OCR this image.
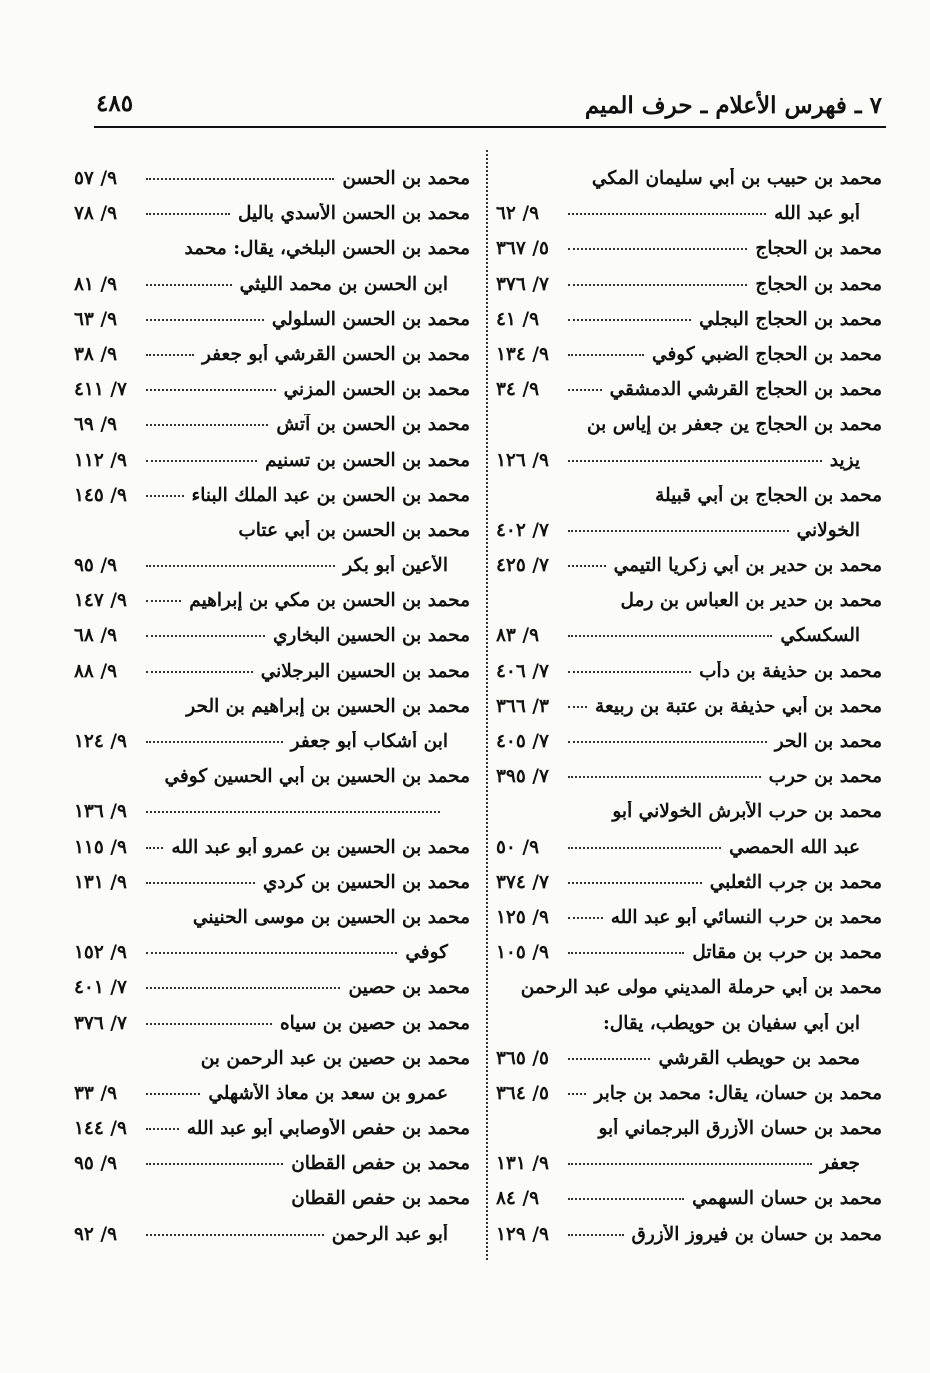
٧ ـ فهرس الأعلام ـ حرف الميم
٤٨٥
محمد بن حبيب بن أبي سليمان المكي
أبو عبد الله
٩/ ٦٢
محمد بن الحجاج
٥/ ٣٦٧
محمد بن الحجاج
٧/ ٣٧٦
محمد بن الحجاج البجلي
٩/ ٤١
محمد بن الحجاج الضبي كوفي
٩/ ١٣٤
محمد بن الحجاج القرشي الدمشقي
٩/ ٣٤
محمد بن الحجاج ين جعفر بن إياس بن
يزيد
٩/ ١٢٦
محمد بن الحجاج بن أبي قبيلة
الخولاني
٧/ ٤٠٢
محمد بن حدير بن أبي زكريا التيمي
٧/ ٤٢٥
محمد بن حدير بن العباس بن رمل
السكسكي
٩/ ٨٣
محمد بن حذيفة بن دأب
٧/ ٤٠٦
محمد بن أبي حذيفة بن عتبة بن ربيعة
٣/ ٣٦٦
محمد بن الحر
٧/ ٤٠٥
محمد بن حرب
٧/ ٣٩٥
محمد بن حرب الأبرش الخولاني أبو
عبد الله الحمصي
٩/ ٥٠
محمد بن جرب الثعلبي
٧/ ٣٧٤
محمد بن حرب النسائي أبو عبد الله
٩/ ١٢٥
محمد بن حرب بن مقاتل
٩/ ١٠٥
محمد بن أبي حرملة المديني مولى عبد الرحمن
ابن أبي سفيان بن حويطب، يقال:
محمد بن حويطب القرشي
٥/ ٣٦٥
محمد بن حسان، يقال: محمد بن جابر
٥/ ٣٦٤
محمد بن حسان الأزرق البرجماني أبو
جعفر
٩/ ١٣١
محمد بن حسان السهمي
٩/ ٨٤
محمد بن حسان بن فيروز الأزرق
٩/ ١٢٩
محمد بن الحسن
٩/ ٥٧
محمد بن الحسن الأسدي باليل
٩/ ٧٨
محمد بن الحسن البلخي، يقال: محمد
ابن الحسن بن محمد الليثي
٩/ ٨١
محمد بن الحسن السلولي
٩/ ٦٣
محمد بن الحسن القرشي أبو جعفر
٩/ ٣٨
محمد بن الحسن المزني
٧/ ٤١١
محمد بن الحسن بن آتش
٩/ ٦٩
محمد بن الحسن بن تسنيم
٩/ ١١٢
محمد بن الحسن بن عبد الملك البناء
٩/ ١٤٥
محمد بن الحسن بن أبي عتاب
الأعين أبو بكر
٩/ ٩٥
محمد بن الحسن بن مكي بن إبراهيم
٩/ ١٤٧
محمد بن الحسين البخاري
٩/ ٦٨
محمد بن الحسين البرجلاني
٩/ ٨٨
محمد بن الحسين بن إبراهيم بن الحر
ابن أشكاب أبو جعفر
٩/ ١٢٤
محمد بن الحسين بن أبي الحسين كوفي
٩/ ١٣٦
محمد بن الحسين بن عمرو أبو عبد الله
٩/ ١١٥
محمد بن الحسين بن كردي
٩/ ١٣١
محمد بن الحسين بن موسى الحنيني
كوفي
٩/ ١٥٢
محمد بن حصين
٧/ ٤٠١
محمد بن حصين بن سياه
٧/ ٣٧٦
محمد بن حصين بن عبد الرحمن بن
عمرو بن سعد بن معاذ الأشهلي
٩/ ٣٣
محمد بن حفص الأوصابي أبو عبد الله
٩/ ١٤٤
محمد بن حفص القطان
٩/ ٩٥
محمد بن حفص القطان
أبو عبد الرحمن
٩/ ٩٢
